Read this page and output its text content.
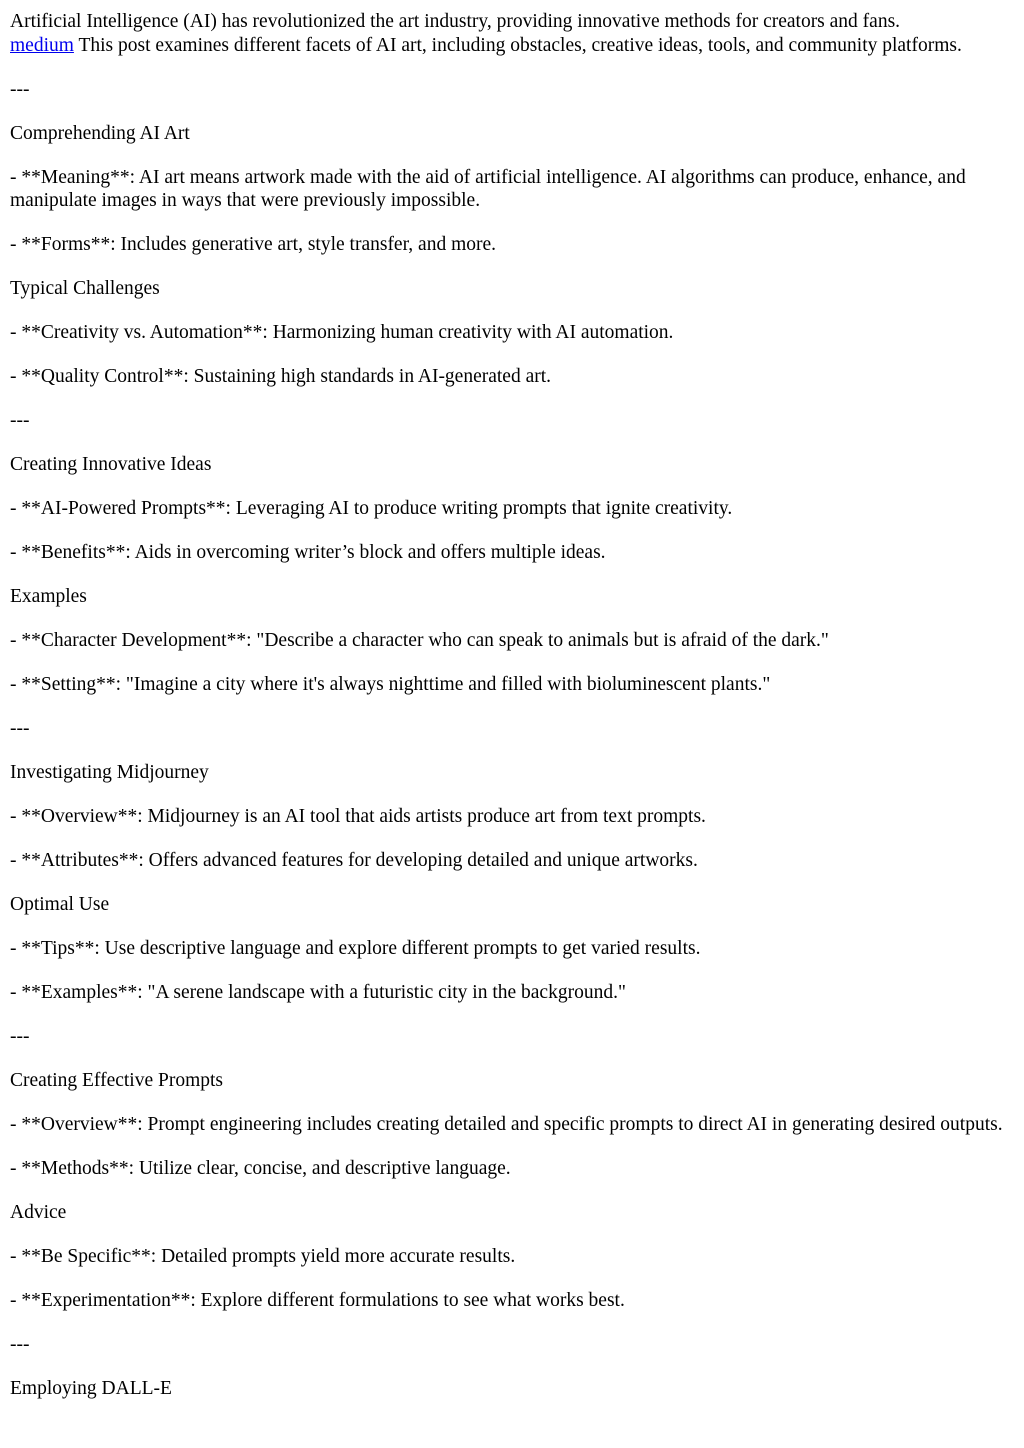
Artificial Intelligence (AI) has revolutionized the art industry, providing innovative methods for creators and fans.
medium This post examines different facets of AI art, including obstacles, creative ideas, tools, and community platforms.

---

Comprehending AI Art

- **Meaning**: AI art means artwork made with the aid of artificial intelligence. AI algorithms can produce, enhance, and manipulate images in ways that were previously impossible.

- **Forms**: Includes generative art, style transfer, and more.

Typical Challenges

- **Creativity vs. Automation**: Harmonizing human creativity with AI automation.

- **Quality Control**: Sustaining high standards in AI-generated art.

---

Creating Innovative Ideas

- **AI-Powered Prompts**: Leveraging AI to produce writing prompts that ignite creativity.

- **Benefits**: Aids in overcoming writer’s block and offers multiple ideas.

Examples

- **Character Development**: "Describe a character who can speak to animals but is afraid of the dark."

- **Setting**: "Imagine a city where it's always nighttime and filled with bioluminescent plants."

---

Investigating Midjourney

- **Overview**: Midjourney is an AI tool that aids artists produce art from text prompts.

- **Attributes**: Offers advanced features for developing detailed and unique artworks.

Optimal Use

- **Tips**: Use descriptive language and explore different prompts to get varied results.

- **Examples**: "A serene landscape with a futuristic city in the background."

---

Creating Effective Prompts

- **Overview**: Prompt engineering includes creating detailed and specific prompts to direct AI in generating desired outputs.

- **Methods**: Utilize clear, concise, and descriptive language.

Advice

- **Be Specific**: Detailed prompts yield more accurate results.

- **Experimentation**: Explore different formulations to see what works best.

---

Employing DALL-E
